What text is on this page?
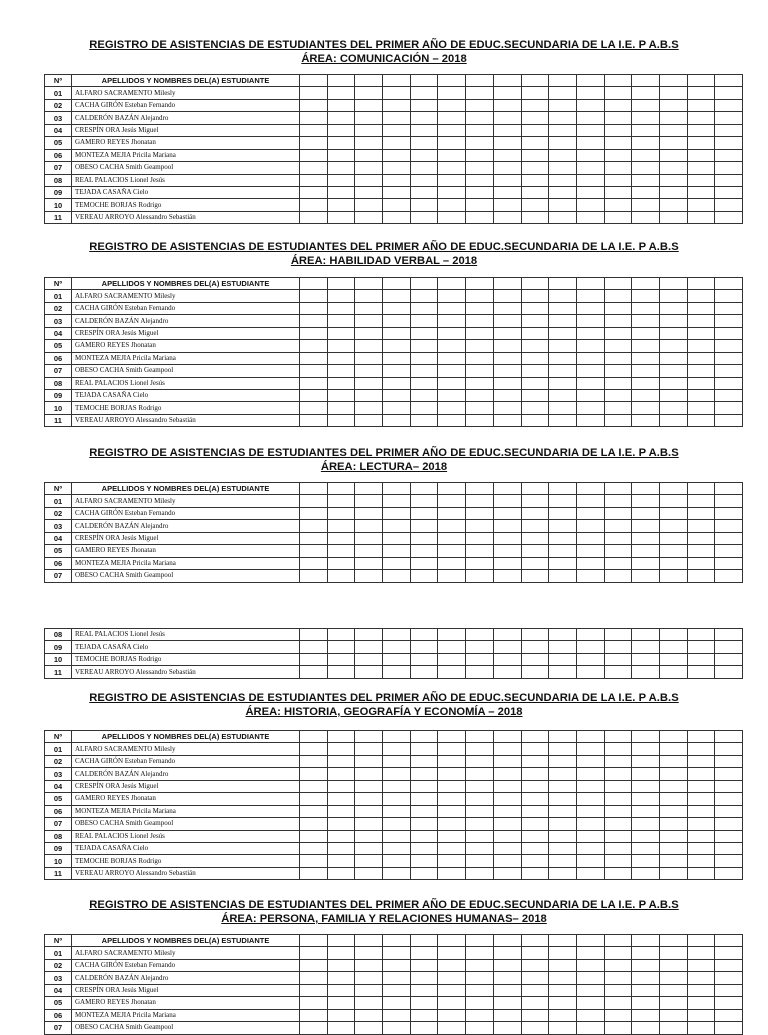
REGISTRO DE ASISTENCIAS DE ESTUDIANTES DEL PRIMER AÑO DE EDUC.SECUNDARIA DE LA I.E. P A.B.S
ÁREA: COMUNICACIÓN – 2018
REGISTRO DE ASISTENCIAS DE ESTUDIANTES DEL PRIMER AÑO DE EDUC.SECUNDARIA DE LA I.E. P A.B.S
ÁREA: HABILIDAD VERBAL – 2018
REGISTRO DE ASISTENCIAS DE ESTUDIANTES DEL PRIMER AÑO DE EDUC.SECUNDARIA DE LA I.E. P A.B.S
ÁREA: LECTURA– 2018
REGISTRO DE ASISTENCIAS DE ESTUDIANTES DEL PRIMER AÑO DE EDUC.SECUNDARIA DE LA I.E. P A.B.S
ÁREA: HISTORIA, GEOGRAFÍA Y ECONOMÍA – 2018
REGISTRO DE ASISTENCIAS DE ESTUDIANTES DEL PRIMER AÑO DE EDUC.SECUNDARIA DE LA I.E. P A.B.S
ÁREA: PERSONA, FAMILIA Y RELACIONES HUMANAS– 2018
Nº	APELLIDOS Y NOMBRES DEL(A) ESTUDIANTE																
01	ALFARO SACRAMENTO Milesly																
02	CACHA GIRÓN Esteban Fernando																
03	CALDERÓN BAZÁN Alejandro																
04	CRESPÍN ORA Jesús Miguel																
05	GAMERO REYES Jhonatan																
06	MONTEZA MEJIA Pricila Mariana																
07	OBESO CACHA Smith Geampool																
08	REAL PALACIOS Lionel Jesús																
09	TEJADA CASAÑA Cielo																
10	TEMOCHE BORJAS Rodrigo																
11	VEREAU ARROYO Alessandro Sebastián																
Nº	APELLIDOS Y NOMBRES DEL(A) ESTUDIANTE																
01	ALFARO SACRAMENTO Milesly																
02	CACHA GIRÓN Esteban Fernando																
03	CALDERÓN BAZÁN Alejandro																
04	CRESPÍN ORA Jesús Miguel																
05	GAMERO REYES Jhonatan																
06	MONTEZA MEJIA Pricila Mariana																
07	OBESO CACHA Smith Geampool																
08	REAL PALACIOS Lionel Jesús																
09	TEJADA CASAÑA Cielo																
10	TEMOCHE BORJAS Rodrigo																
11	VEREAU ARROYO Alessandro Sebastián																
Nº	APELLIDOS Y NOMBRES DEL(A) ESTUDIANTE																
01	ALFARO SACRAMENTO Milesly																
02	CACHA GIRÓN Esteban Fernando																
03	CALDERÓN BAZÁN Alejandro																
04	CRESPÍN ORA Jesús Miguel																
05	GAMERO REYES Jhonatan																
06	MONTEZA MEJIA Pricila Mariana																
07	OBESO CACHA Smith Geampool																
08	REAL PALACIOS Lionel Jesús																
09	TEJADA CASAÑA Cielo																
10	TEMOCHE BORJAS Rodrigo																
11	VEREAU ARROYO Alessandro Sebastián																
Nº	APELLIDOS Y NOMBRES DEL(A) ESTUDIANTE																
01	ALFARO SACRAMENTO Milesly																
02	CACHA GIRÓN Esteban Fernando																
03	CALDERÓN BAZÁN Alejandro																
04	CRESPÍN ORA Jesús Miguel																
05	GAMERO REYES Jhonatan																
06	MONTEZA MEJIA Pricila Mariana																
07	OBESO CACHA Smith Geampool																
08	REAL PALACIOS Lionel Jesús																
09	TEJADA CASAÑA Cielo																
10	TEMOCHE BORJAS Rodrigo																
11	VEREAU ARROYO Alessandro Sebastián																
Nº	APELLIDOS Y NOMBRES DEL(A) ESTUDIANTE																
01	ALFARO SACRAMENTO Milesly																
02	CACHA GIRÓN Esteban Fernando																
03	CALDERÓN BAZÁN Alejandro																
04	CRESPÍN ORA Jesús Miguel																
05	GAMERO REYES Jhonatan																
06	MONTEZA MEJIA Pricila Mariana																
07	OBESO CACHA Smith Geampool																
